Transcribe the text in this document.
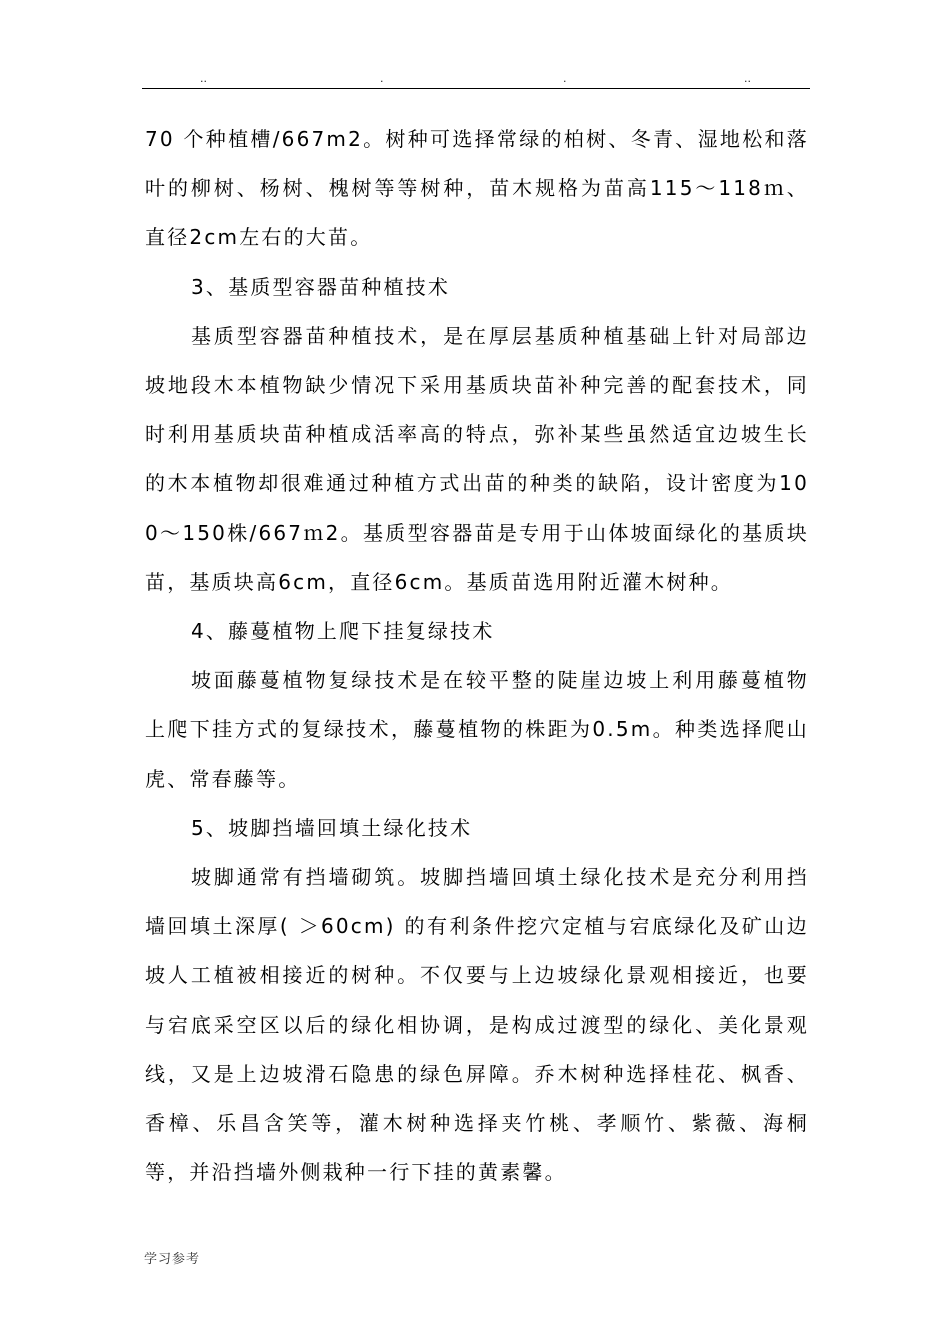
..	.	.	..

70 个种植槽/667m2。树种可选择常绿的柏树、冬青、湿地松和落叶的柳树、杨树、槐树等等树种，苗木规格为苗高115～118ｍ、直径2cm左右的大苗。

3、基质型容器苗种植技术

基质型容器苗种植技术，是在厚层基质种植基础上针对局部边坡地段木本植物缺少情况下采用基质块苗补种完善的配套技术，同时利用基质块苗种植成活率高的特点，弥补某些虽然适宜边坡生长的木本植物却很难通过种植方式出苗的种类的缺陷，设计密度为100～150株/667ｍ2。基质型容器苗是专用于山体坡面绿化的基质块苗，基质块高6cm，直径6cm。基质苗选用附近灌木树种。

4、藤蔓植物上爬下挂复绿技术

坡面藤蔓植物复绿技术是在较平整的陡崖边坡上利用藤蔓植物上爬下挂方式的复绿技术，藤蔓植物的株距为0.5m。种类选择爬山虎、常春藤等。

5、坡脚挡墙回填土绿化技术

坡脚通常有挡墙砌筑。坡脚挡墙回填土绿化技术是充分利用挡墙回填土深厚( ＞60cm) 的有利条件挖穴定植与宕底绿化及矿山边坡人工植被相接近的树种。不仅要与上边坡绿化景观相接近，也要与宕底采空区以后的绿化相协调，是构成过渡型的绿化、美化景观线，又是上边坡滑石隐患的绿色屏障。乔木树种选择桂花、枫香、香樟、乐昌含笑等，灌木树种选择夹竹桃、孝顺竹、紫薇、海桐等，并沿挡墙外侧栽种一行下挂的黄素馨。

学习参考
